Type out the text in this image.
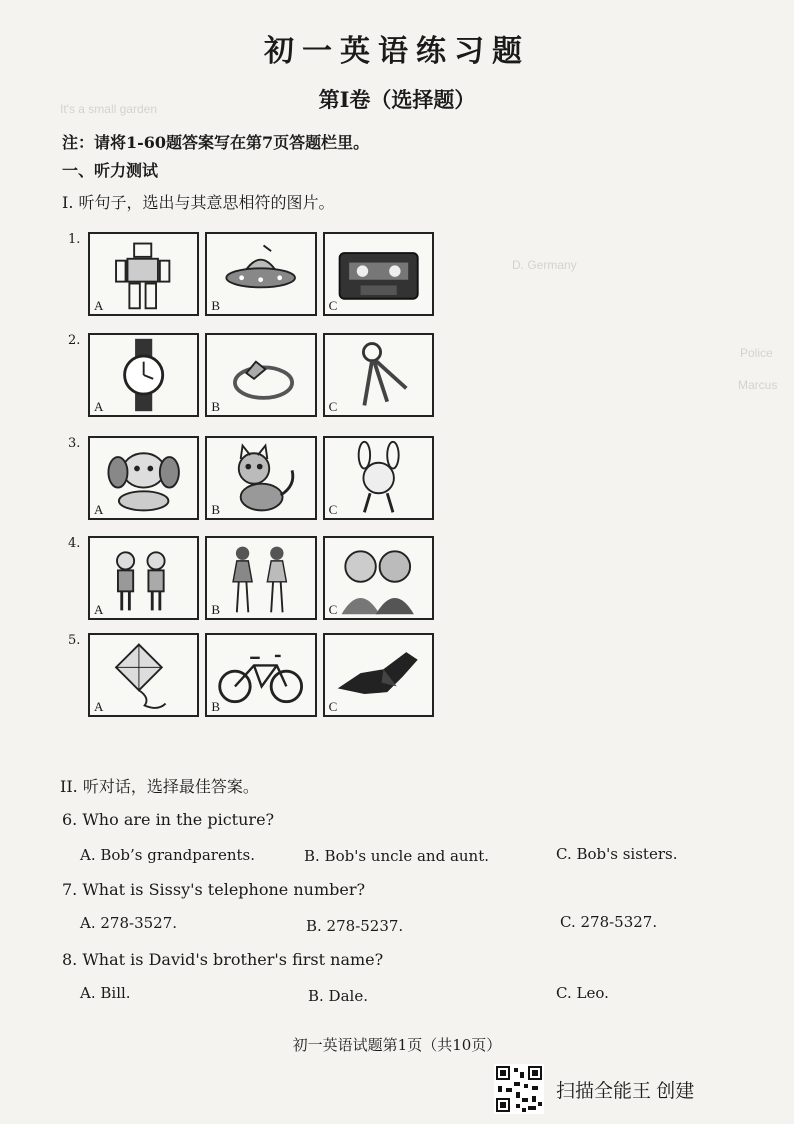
It's a small garden
Police
Marcus
D. Germany
初一英语练习题
第Ⅰ卷（选择题）
注：请将1-60题答案写在第7页答题栏里。
一、听力测试
I. 听句子，选出与其意思相符的图片。
1.
A	B	C
2.
A	B	C
3.
A	B	C
4.
A	B	C
5.
A	B	C
II. 听对话，选择最佳答案。
6. Who are in the picture?
A. Bob’s grandparents.	B. Bob's uncle and aunt.	C. Bob's sisters.
7. What is Sissy's telephone number?
A. 278-3527.	B. 278-5237.	C. 278-5327.
8. What is David's brother's first name?
A. Bill.	B. Dale.	C. Leo.
初一英语试题第1页（共10页）
扫描全能王 创建
